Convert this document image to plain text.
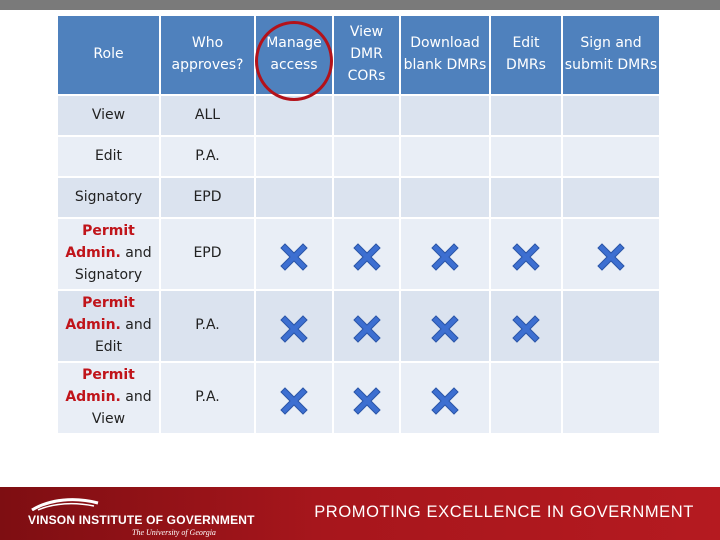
Role	Who approves?	Manage access	View DMR CORs	Download blank DMRs	Edit DMRs	Sign and submit DMRs
View	ALL					
Edit	P.A.					
Signatory	EPD					
Permit Admin. and Signatory	EPD	

Permit Admin. and Edit	P.A.	

Permit Admin. and View	P.A.	

VINSON INSTITUTE OF GOVERNMENT
The University of Georgia
PROMOTING EXCELLENCE IN GOVERNMENT
